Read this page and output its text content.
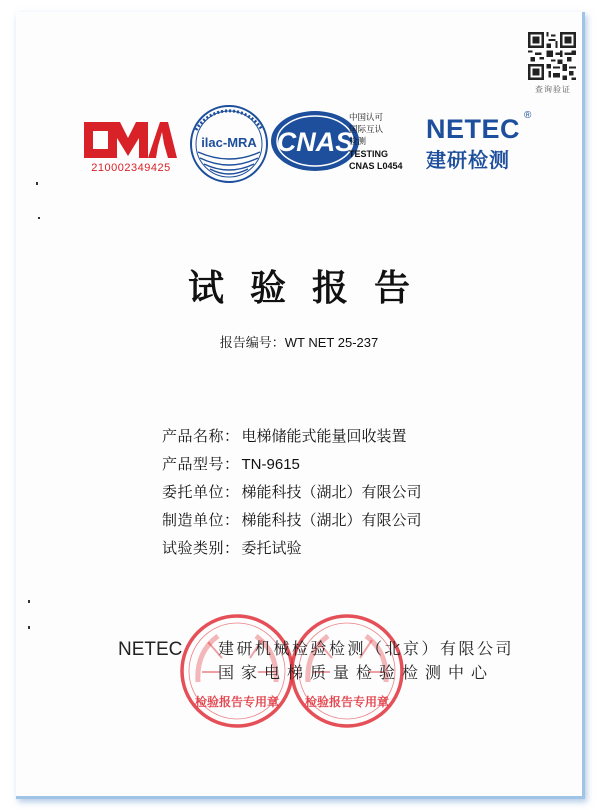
查询验证
210002349425
ilac-MRA CNAS
中国认可
国际互认
检测
TESTING
CNAS L0454
NETEC ®
建研检测
试验报告
报告编号：WT NET 25-237
产品名称： 电梯储能式能量回收装置
产品型号： TN-9615
委托单位： 梯能科技（湖北）有限公司
制造单位： 梯能科技（湖北）有限公司
试验类别： 委托试验
检验报告专用章 检验报告专用章
NETEC 建研机械检验检测（北京）有限公司
国家电梯质量检验检测中心
